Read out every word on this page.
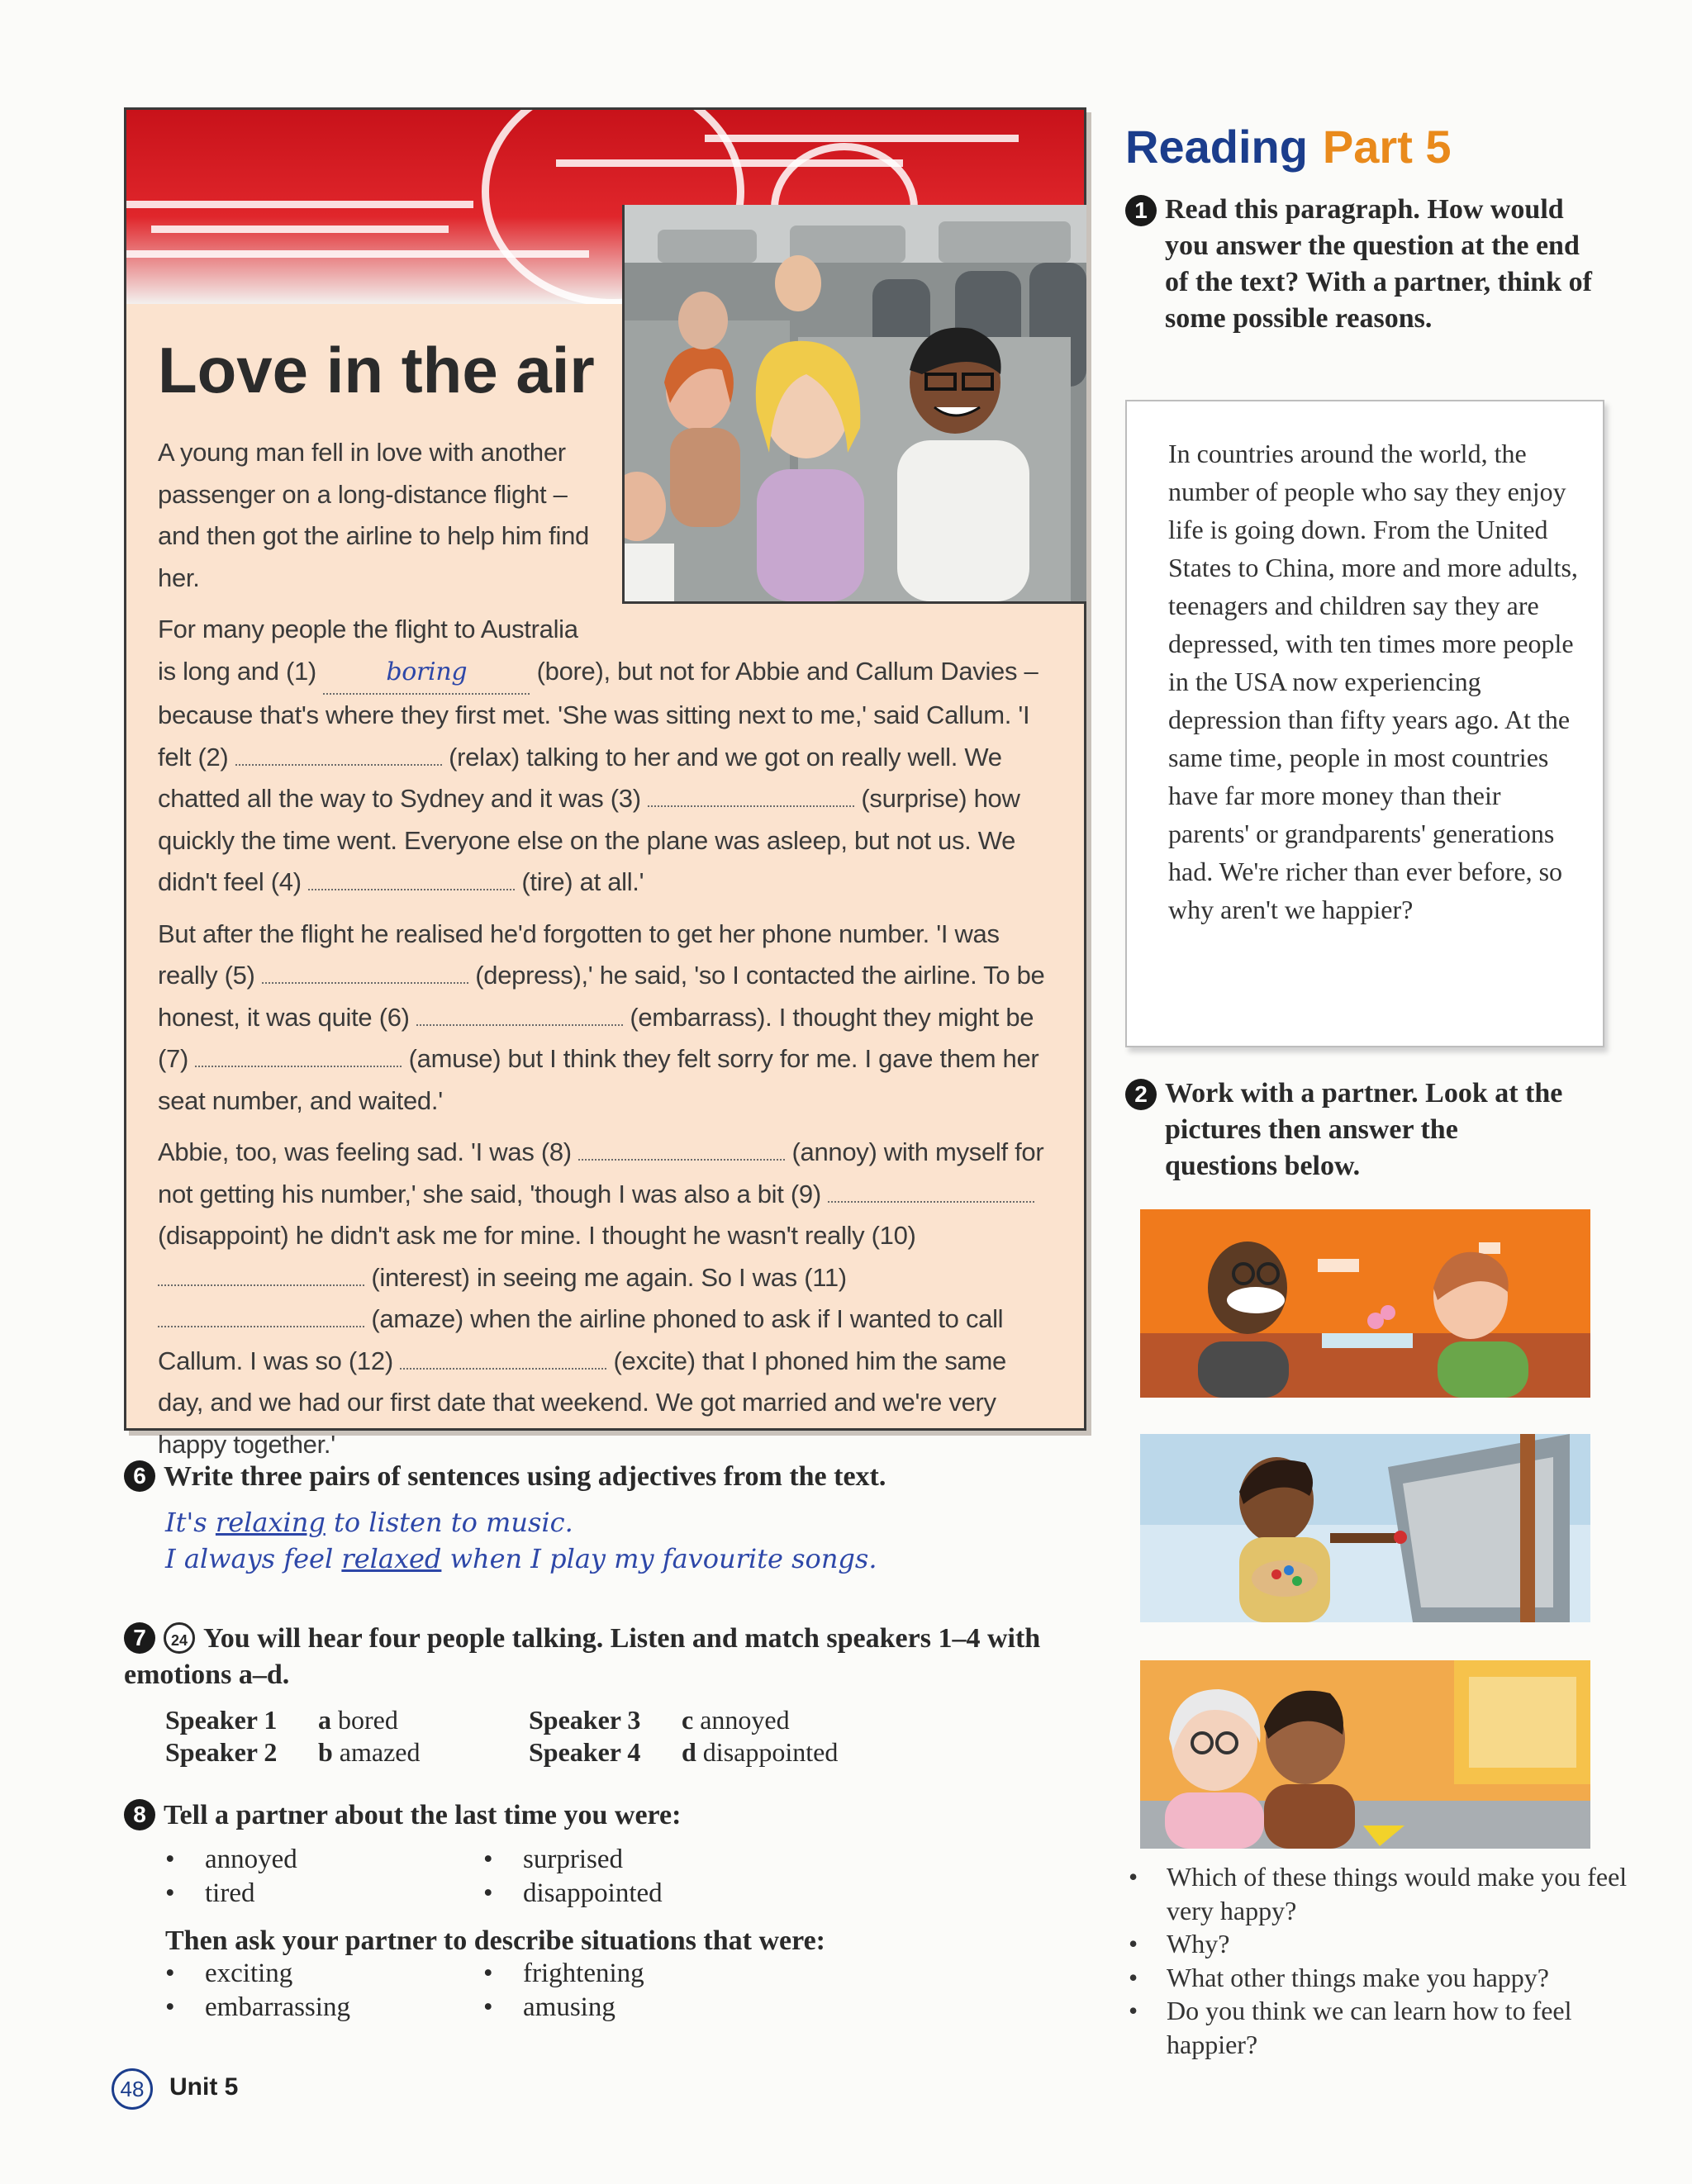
Love in the air

A young man fell in love with another passenger on a long-distance flight – and then got the airline to help him find her.

For many people the flight to Australia
is long and (1)	boring	(bore), but not for Abbie and Callum Davies – because that's where they first met. 'She was sitting next to me,' said Callum. 'I felt (2)	(relax) talking to her and we got on really well. We chatted all the way to Sydney and it was (3)	(surprise) how quickly the time went. Everyone else on the plane was asleep, but not us. We didn't feel (4)	(tire) at all.'

But after the flight he realised he'd forgotten to get her phone number. 'I was really (5)	(depress),' he said, 'so I contacted the airline. To be honest, it was quite (6)	(embarrass). I thought they might be (7)	(amuse) but I think they felt sorry for me. I gave them her seat number, and waited.'

Abbie, too, was feeling sad. 'I was (8)	(annoy) with myself for not getting his number,' she said, 'though I was also a bit (9)  (disappoint) he didn't ask me for mine. I thought he wasn't really (10)  (interest) in seeing me again. So I was (11)  (amaze) when the airline phoned to ask if I wanted to call Callum. I was so (12)	(excite) that I phoned him the same day, and we had our first date that weekend. We got married and we're very happy together.'

6 Write three pairs of sentences using adjectives from the text.
It's relaxing to listen to music.
I always feel relaxed when I play my favourite songs.
7 24 You will hear four people talking. Listen and match speakers 1–4 with emotions a–d.
Speaker 1	a bored	Speaker 3	c annoyed
Speaker 2	b amazed	Speaker 4	d disappointed
8 Tell a partner about the last time you were:
• annoyed	• surprised
• tired	• disappointed
Then ask your partner to describe situations that were:
• exciting	• frightening
• embarrassing	• amusing
Reading Part 5
1 Read this paragraph. How would you answer the question at the end of the text? With a partner, think of some possible reasons.
In countries around the world, the number of people who say they enjoy life is going down. From the United States to China, more and more adults, teenagers and children say they are depressed, with ten times more people in the USA now experiencing depression than fifty years ago. At the same time, people in most countries have far more money than their parents' or grandparents' generations had. We're richer than ever before, so why aren't we happier?
2 Work with a partner. Look at the pictures then answer the questions below.
• Which of these things would make you feel very happy?
• Why?
• What other things make you happy?
• Do you think we can learn how to feel happier?
48	Unit 5
